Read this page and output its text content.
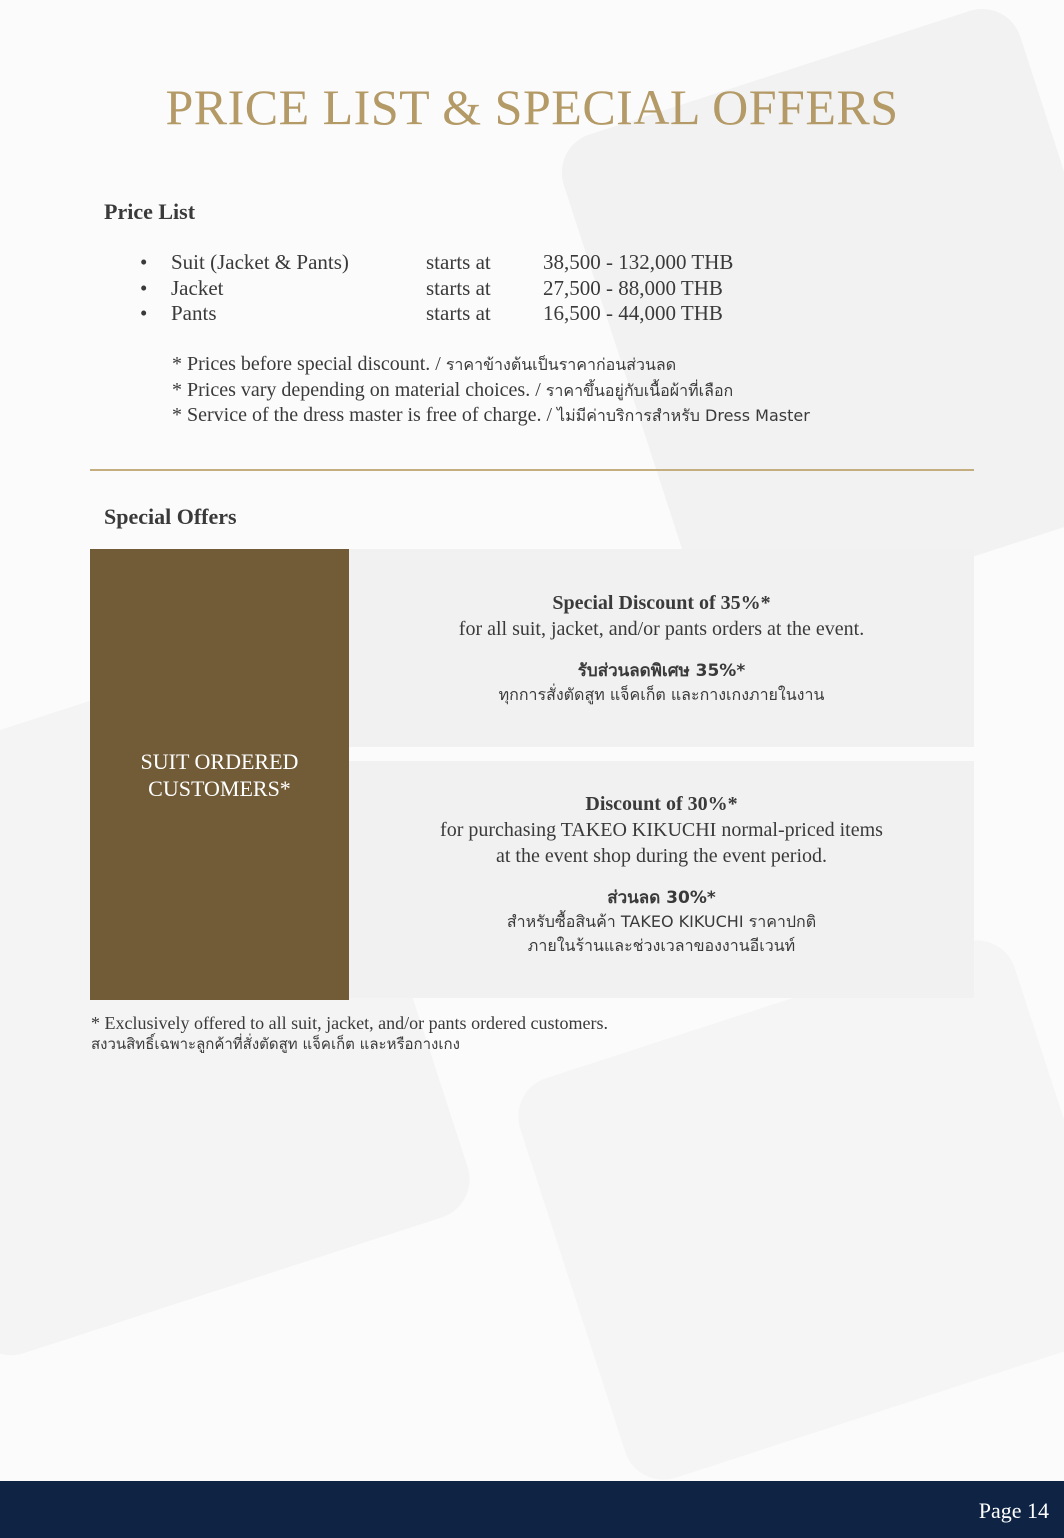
PRICE LIST & SPECIAL OFFERS
Price List
•	Suit (Jacket & Pants)	starts at	38,500 - 132,000 THB
•	Jacket	starts at	27,500 - 88,000 THB
•	Pants	starts at	16,500 - 44,000 THB
* Prices before special discount. / ราคาข้างต้นเป็นราคาก่อนส่วนลด
* Prices vary depending on material choices. / ราคาขึ้นอยู่กับเนื้อผ้าที่เลือก
* Service of the dress master is free of charge. / ไม่มีค่าบริการสำหรับ Dress Master
Special Offers
SUIT ORDERED CUSTOMERS*
Special Discount of 35%*
for all suit, jacket, and/or pants orders at the event.
รับส่วนลดพิเศษ 35%*
ทุกการสั่งตัดสูท แจ็คเก็ต และกางเกงภายในงาน
Discount of 30%*
for purchasing TAKEO KIKUCHI normal-priced items
at the event shop during the event period.
ส่วนลด 30%*
สำหรับซื้อสินค้า TAKEO KIKUCHI ราคาปกติ
ภายในร้านและช่วงเวลาของงานอีเวนท์
* Exclusively offered to all suit, jacket, and/or pants ordered customers.
สงวนสิทธิ์เฉพาะลูกค้าที่สั่งตัดสูท แจ็คเก็ต และหรือกางเกง
Page 14
